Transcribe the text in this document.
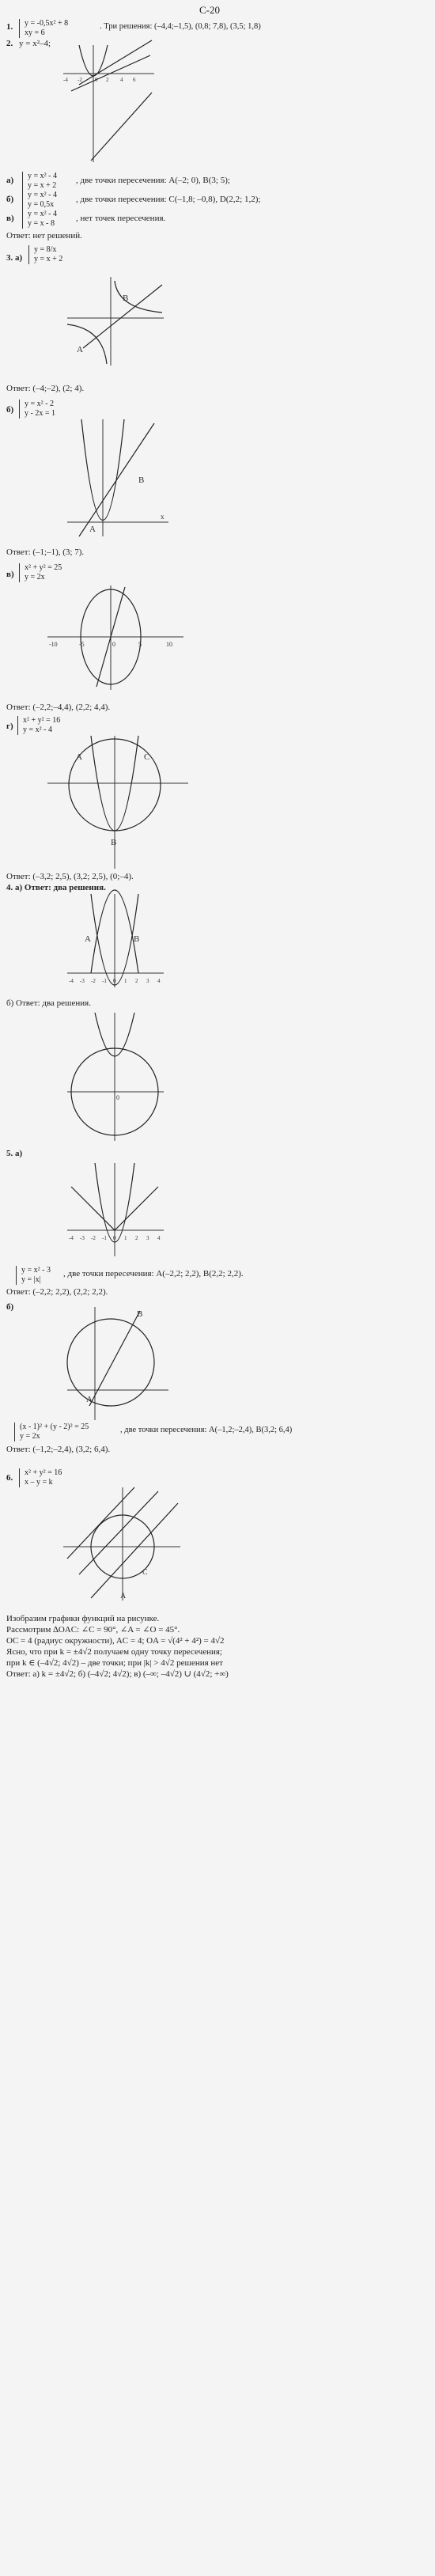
С-20
1. y = -0,5x² + 8
xy = 6
. Три решения: (–4,4;–1,5), (0,8; 7,8), (3,5; 1,8)
2. y = x²–4;
-4 -2 0 2 4 6
а) y = x² - 4
y = x + 2
, две точки пересечения: A(–2; 0), B(3; 5);
б) y = x² - 4
y = 0,5x
, две точки пересечения: C(–1,8; –0,8), D(2,2; 1,2);
в) y = x² - 4
y = x - 8
, нет точек пересечения.
Ответ: нет решений.
3. а)
y = 8/x
y = x + 2
B
A
Ответ: (–4;–2), (2; 4).
б)
y = x² - 2
y - 2x = 1
B
A
x
Ответ: (–1;–1), (3; 7).
в)
x² + y² = 25
y = 2x
-10	-5	0	5	10
Ответ: (–2,2;–4,4), (2,2; 4,4).
г)
x² + y² = 16
y = x² - 4
A	C
B
Ответ: (–3,2; 2,5), (3,2; 2,5), (0;–4).
4. а) Ответ: два решения.
A	B
-4 -3 -2 -1 0 1 2 3 4
б) Ответ: два решения.
0
5. а)
-4 -3 -2 -1 0 1 2 3 4
y = x² - 3
y = |x|
, две точки пересечения: A(–2,2; 2,2), B(2,2; 2,2).
Ответ: (–2,2; 2,2), (2,2; 2,2).
б)
B
A
(x - 1)² + (y - 2)² = 25
y = 2x
, две точки пересечения: A(–1,2;–2,4), B(3,2; 6,4)
Ответ: (–1,2;–2,4), (3,2; 6,4).
6.
x² + y² = 16
x – y = k
C
A
Изобразим графики функций на рисунке.
Рассмотрим ∆OAC: ∠C = 90°, ∠A = ∠O = 45°.
OC = 4 (радиус окружности), AC = 4; OA = √(4² + 4²) = 4√2
Ясно, что при k = ±4√2 получаем одну точку пересечения;
при k ∈ (–4√2; 4√2) – две точки; при |k| > 4√2 решения нет
Ответ: а) k = ±4√2; б) (–4√2; 4√2); в) (–∞; –4√2) ∪ (4√2; +∞)
